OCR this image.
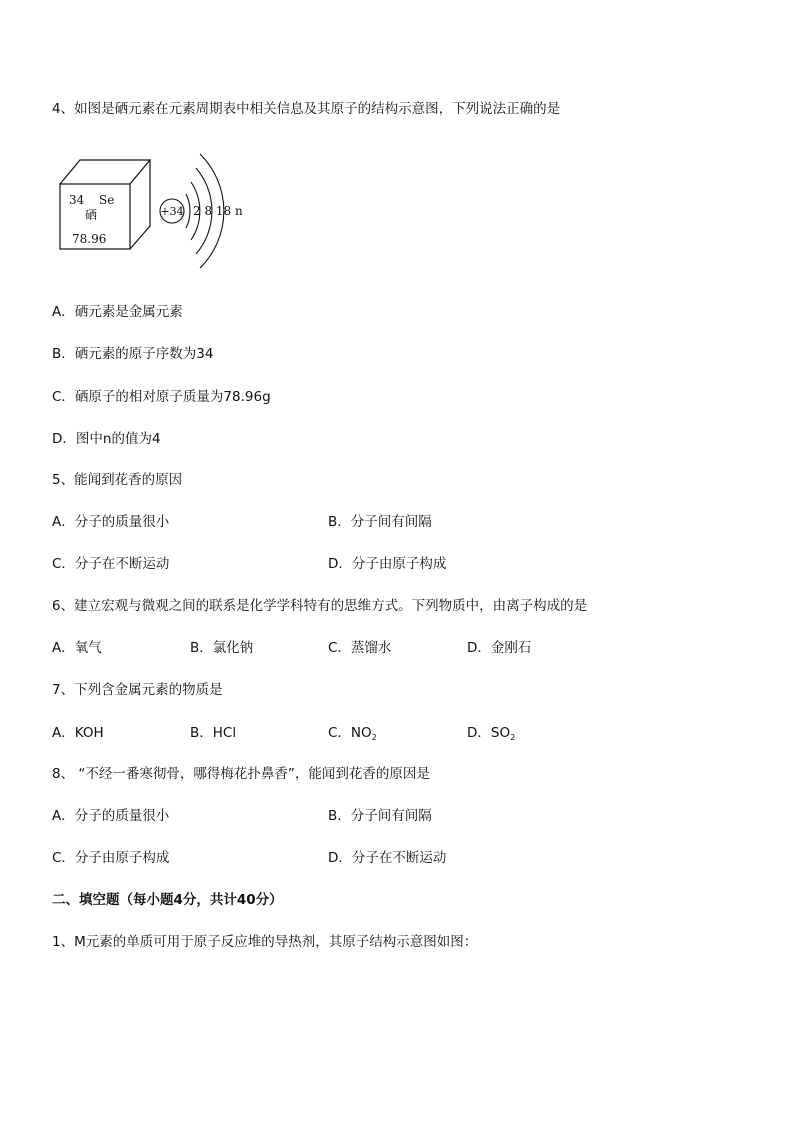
4、如图是硒元素在元素周期表中相关信息及其原子的结构示意图，下列说法正确的是
34 Se
硒
78.96
+34 2 8 18 n
A．硒元素是金属元素
B．硒元素的原子序数为34
C．硒原子的相对原子质量为78.96g
D．图中n的值为4
5、能闻到花香的原因
A．分子的质量很小	B．分子间有间隔
C．分子在不断运动	D．分子由原子构成
6、建立宏观与微观之间的联系是化学学科特有的思维方式。下列物质中，由离子构成的是
A．氧气	B．氯化钠	C．蒸馏水	D．金刚石
7、下列含金属元素的物质是
A．KOH	B．HCl	C．$NO_2$	D．$SO_2$
8、 “不经一番寒彻骨，哪得梅花扑鼻香”，能闻到花香的原因是
A．分子的质量很小	B．分子间有间隔
C．分子由原子构成	D．分子在不断运动
二、填空题（每小题4分，共计40分）
1、M元素的单质可用于原子反应堆的导热剂，其原子结构示意图如图：
